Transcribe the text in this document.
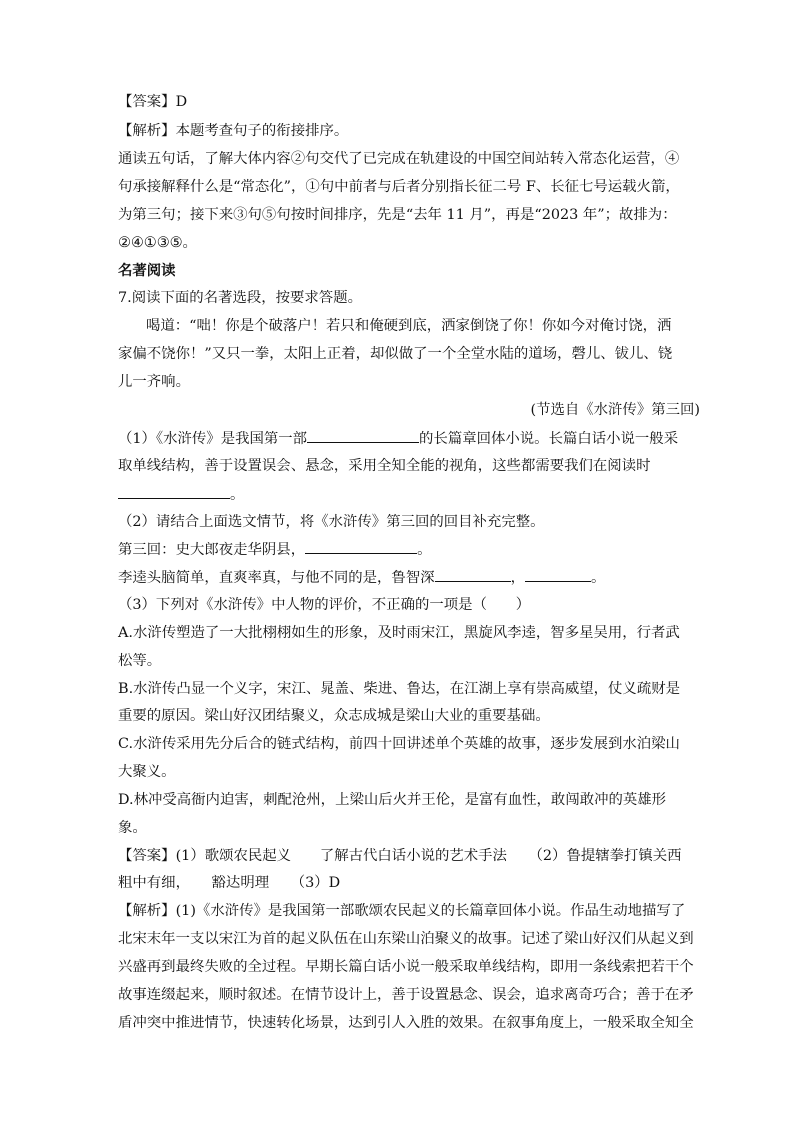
【答案】D
【解析】本题考查句子的衔接排序。
通读五句话，了解大体内容②句交代了已完成在轨建设的中国空间站转入常态化运营，④
句承接解释什么是“常态化”，①句中前者与后者分别指长征二号 F、长征七号运载火箭，
为第三句；接下来③句⑤句按时间排序，先是“去年 11 月”，再是“2023 年”；故排为：
②④①③⑤。
名著阅读
7.阅读下面的名著选段，按要求答题。
喝道：“咄！你是个破落户！若只和俺硬到底，洒家倒饶了你！你如今对俺讨饶，洒
家偏不饶你！”又只一拳，太阳上正着，却似做了一个全堂水陆的道场，磬儿、钹儿、铙
儿一齐响。
(节选自《水浒传》第三回)
（1）《水浒传》是我国第一部	的长篇章回体小说。长篇白话小说一般采
取单线结构，善于设置误会、悬念，采用全知全能的视角，这些都需要我们在阅读时
。
（2）请结合上面选文情节，将《水浒传》第三回的回目补充完整。
第三回：史大郎夜走华阴县，	。
李逵头脑简单，直爽率真，与他不同的是，鲁智深	，	。
（3）下列对《水浒传》中人物的评价，不正确的一项是（　　）
A.水浒传塑造了一大批栩栩如生的形象，及时雨宋江，黑旋风李逵，智多星吴用，行者武
松等。
B.水浒传凸显一个义字，宋江、晁盖、柴进、鲁达，在江湖上享有崇高威望，仗义疏财是
重要的原因。梁山好汉团结聚义，众志成城是梁山大业的重要基础。
C.水浒传采用先分后合的链式结构，前四十回讲述单个英雄的故事，逐步发展到水泊梁山
大聚义。
D.林冲受高衙内迫害，刺配沧州，上梁山后火并王伦，是富有血性，敢闯敢冲的英雄形
象。
【答案】(1）歌颂农民起义　　了解古代白话小说的艺术手法　　（2）鲁提辖拳打镇关西
粗中有细，　　豁达明理　　（3）D
【解析】(1)《水浒传》是我国第一部歌颂农民起义的长篇章回体小说。作品生动地描写了
北宋末年一支以宋江为首的起义队伍在山东梁山泊聚义的故事。记述了梁山好汉们从起义到
兴盛再到最终失败的全过程。早期长篇白话小说一般采取单线结构，即用一条线索把若干个
故事连缀起来，顺时叙述。在情节设计上，善于设置悬念、误会，追求离奇巧合；善于在矛
盾冲突中推进情节，快速转化场景，达到引人入胜的效果。在叙事角度上，一般采取全知全
